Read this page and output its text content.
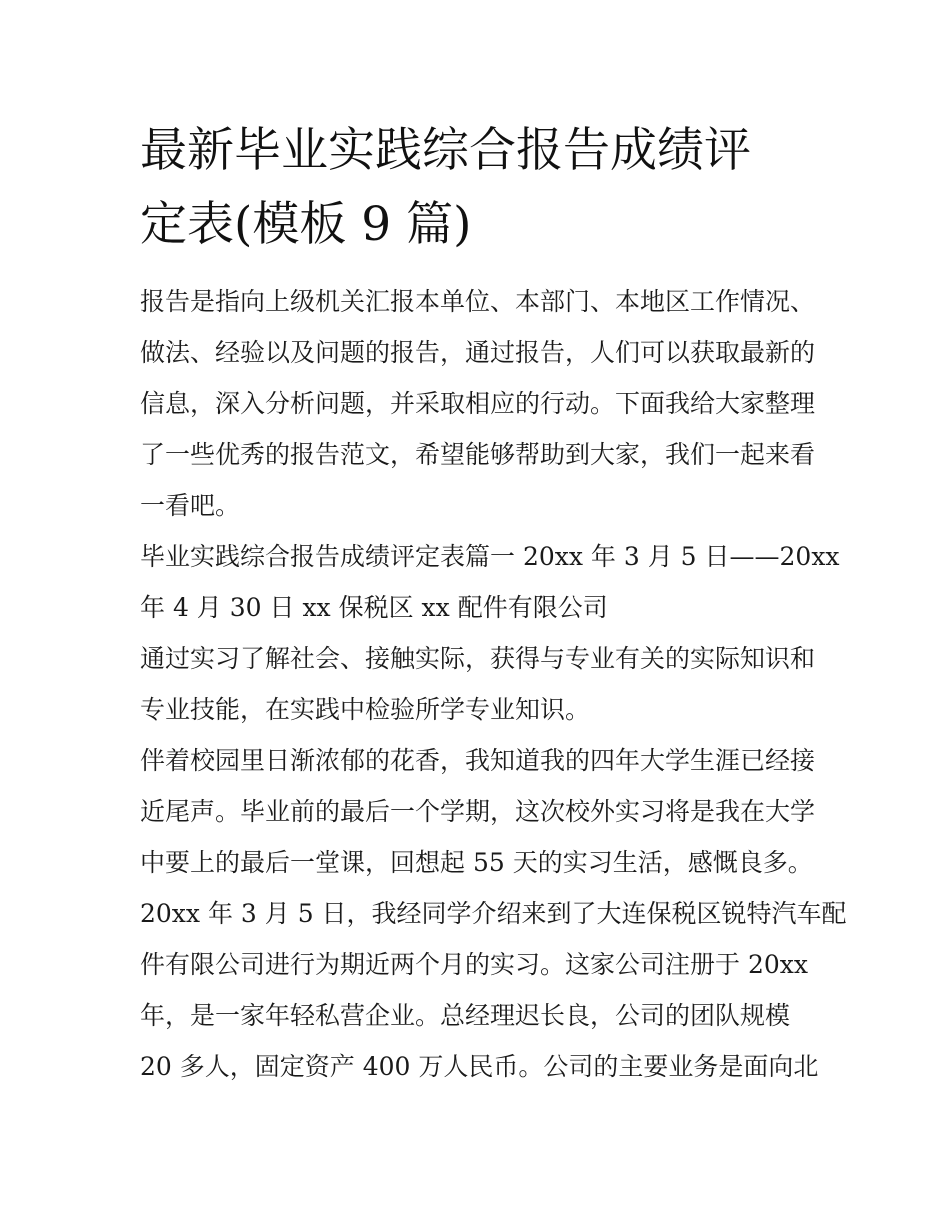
最新毕业实践综合报告成绩评
定表(模板 9 篇)
报告是指向上级机关汇报本单位、本部门、本地区工作情况、
做法、经验以及问题的报告，通过报告，人们可以获取最新的
信息，深入分析问题，并采取相应的行动。下面我给大家整理
了一些优秀的报告范文，希望能够帮助到大家，我们一起来看
一看吧。
毕业实践综合报告成绩评定表篇一 20xx 年 3 月 5 日——20xx
年 4 月 30 日 xx 保税区 xx 配件有限公司
通过实习了解社会、接触实际，获得与专业有关的实际知识和
专业技能，在实践中检验所学专业知识。
伴着校园里日渐浓郁的花香，我知道我的四年大学生涯已经接
近尾声。毕业前的最后一个学期，这次校外实习将是我在大学
中要上的最后一堂课，回想起 55 天的实习生活，感慨良多。
20xx 年 3 月 5 日，我经同学介绍来到了大连保税区锐特汽车配
件有限公司进行为期近两个月的实习。这家公司注册于 20xx
年，是一家年轻私营企业。总经理迟长良，公司的团队规模
20 多人，固定资产 400 万人民币。公司的主要业务是面向北
